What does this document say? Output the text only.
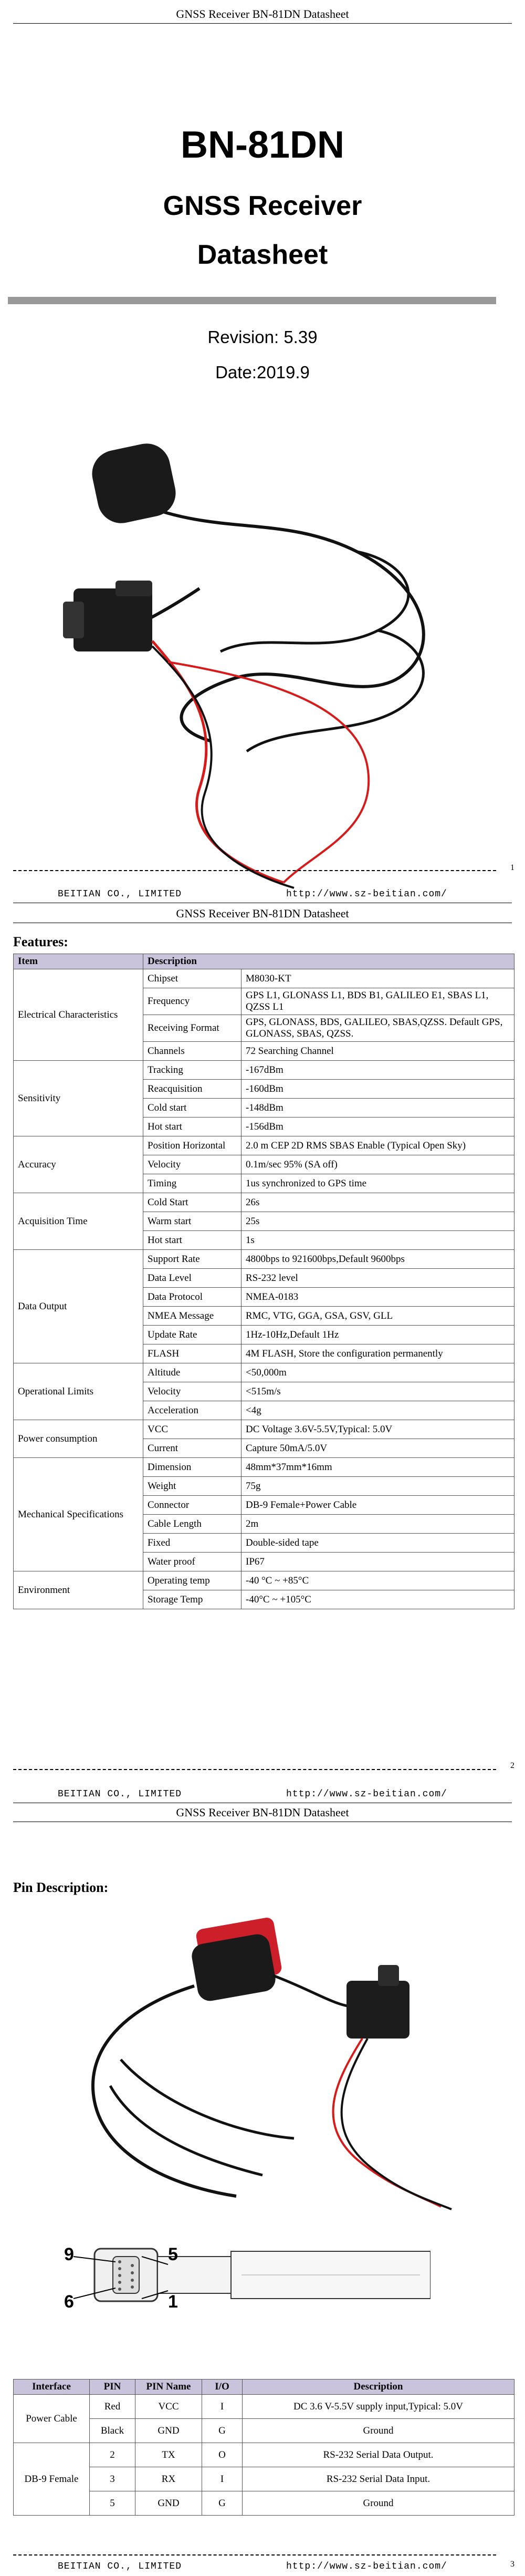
GNSS Receiver BN-81DN Datasheet
BN-81DN
GNSS Receiver
Datasheet
Revision: 5.39
Date:2019.9
1
BEITIAN CO., LIMITED	http://www.sz-beitian.com/
GNSS Receiver BN-81DN Datasheet
Features:
Item	Description	
Electrical Characteristics	Chipset	M8030-KT
	Frequency	GPS L1, GLONASS L1, BDS B1, GALILEO E1, SBAS L1, QZSS L1
	Receiving Format	GPS, GLONASS, BDS, GALILEO, SBAS,QZSS. Default GPS, GLONASS, SBAS, QZSS.
	Channels	72 Searching Channel
Sensitivity	Tracking	-167dBm
	Reacquisition	-160dBm
	Cold start	-148dBm
	Hot start	-156dBm
Accuracy	Position Horizontal	2.0 m CEP 2D RMS SBAS Enable (Typical Open Sky)
	Velocity	0.1m/sec 95% (SA off)
	Timing	1us synchronized to GPS time
Acquisition Time	Cold Start	26s
	Warm start	25s
	Hot start	1s
Data Output	Support Rate	4800bps to 921600bps,Default 9600bps
	Data Level	RS-232 level
	Data Protocol	NMEA-0183
	NMEA Message	RMC, VTG, GGA, GSA, GSV, GLL
	Update Rate	1Hz-10Hz,Default 1Hz
	FLASH	4M FLASH, Store the configuration permanently
Operational Limits	Altitude	<50,000m
	Velocity	<515m/s
	Acceleration	<4g
Power consumption	VCC	DC Voltage 3.6V-5.5V,Typical: 5.0V
	Current	Capture 50mA/5.0V
Mechanical Specifications	Dimension	48mm*37mm*16mm
	Weight	75g
	Connector	DB-9 Female+Power Cable
	Cable Length	2m
	Fixed	Double-sided tape
	Water proof	IP67
Environment	Operating temp	-40 °C ~ +85°C
	Storage Temp	-40°C ~ +105°C
2
BEITIAN CO., LIMITED	http://www.sz-beitian.com/
GNSS Receiver BN-81DN Datasheet
Pin Description:
9	5
6	1
Interface	PIN	PIN Name	I/O	Description
Power Cable	Red	VCC	I	DC 3.6 V-5.5V supply input,Typical: 5.0V
	Black	GND	G	Ground
DB-9 Female	2	TX	O	RS-232 Serial Data Output.
	3	RX	I	RS-232 Serial Data Input.
	5	GND	G	Ground
3
BEITIAN CO., LIMITED	http://www.sz-beitian.com/
